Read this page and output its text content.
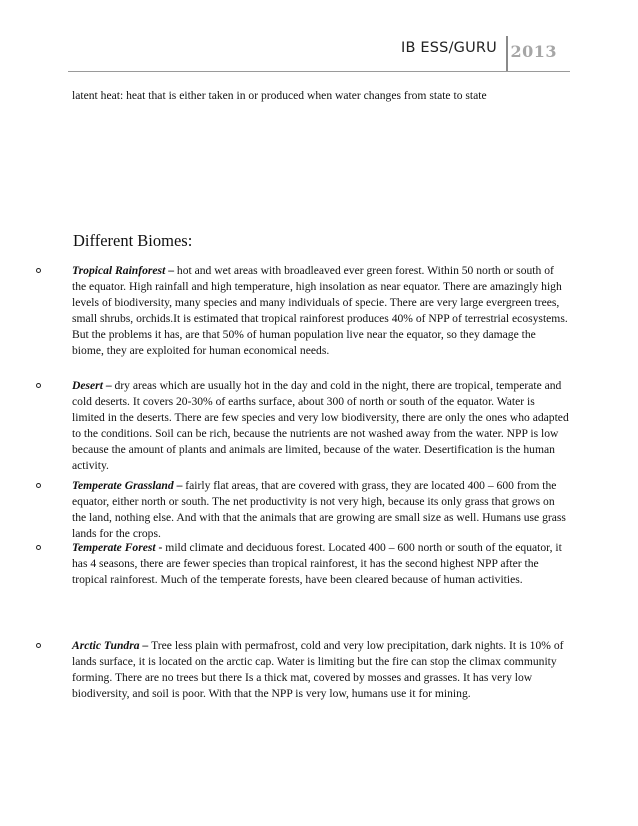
IB ESS/GURU 2013
latent heat: heat that is either taken in or produced when water changes from state to state
Different Biomes:
Tropical Rainforest – hot and wet areas with broadleaved ever green forest. Within 50 north or south of the equator. High rainfall and high temperature, high insolation as near equator. There are amazingly high levels of biodiversity, many species and many individuals of specie. There are very large evergreen trees, small shrubs, orchids.It is estimated that tropical rainforest produces 40% of NPP of terrestrial ecosystems. But the problems it has, are that 50% of human population live near the equator, so they damage the biome, they are exploited for human economical needs.
Desert – dry areas which are usually hot in the day and cold in the night, there are tropical, temperate and cold deserts. It covers 20-30% of earths surface, about 300 of north or south of the equator. Water is limited in the deserts. There are few species and very low biodiversity, there are only the ones who adapted to the conditions. Soil can be rich, because the nutrients are not washed away from the water. NPP is low because the amount of plants and animals are limited, because of the water. Desertification is the human activity.
Temperate Grassland – fairly flat areas, that are covered with grass, they are located 400 – 600 from the equator, either north or south. The net productivity is not very high, because its only grass that grows on the land, nothing else. And with that the animals that are growing are small size as well. Humans use grass lands for the crops.
Temperate Forest - mild climate and deciduous forest. Located 400 – 600 north or south of the equator, it has 4 seasons, there are fewer species than tropical rainforest, it has the second highest NPP after the tropical rainforest. Much of the temperate forests, have been cleared because of human activities.
Arctic Tundra – Tree less plain with permafrost, cold and very low precipitation, dark nights. It is 10% of lands surface, it is located on the arctic cap. Water is limiting but the fire can stop the climax community forming. There are no trees but there Is a thick mat, covered by mosses and grasses. It has very low biodiversity, and soil is poor. With that the NPP is very low, humans use it for mining.
